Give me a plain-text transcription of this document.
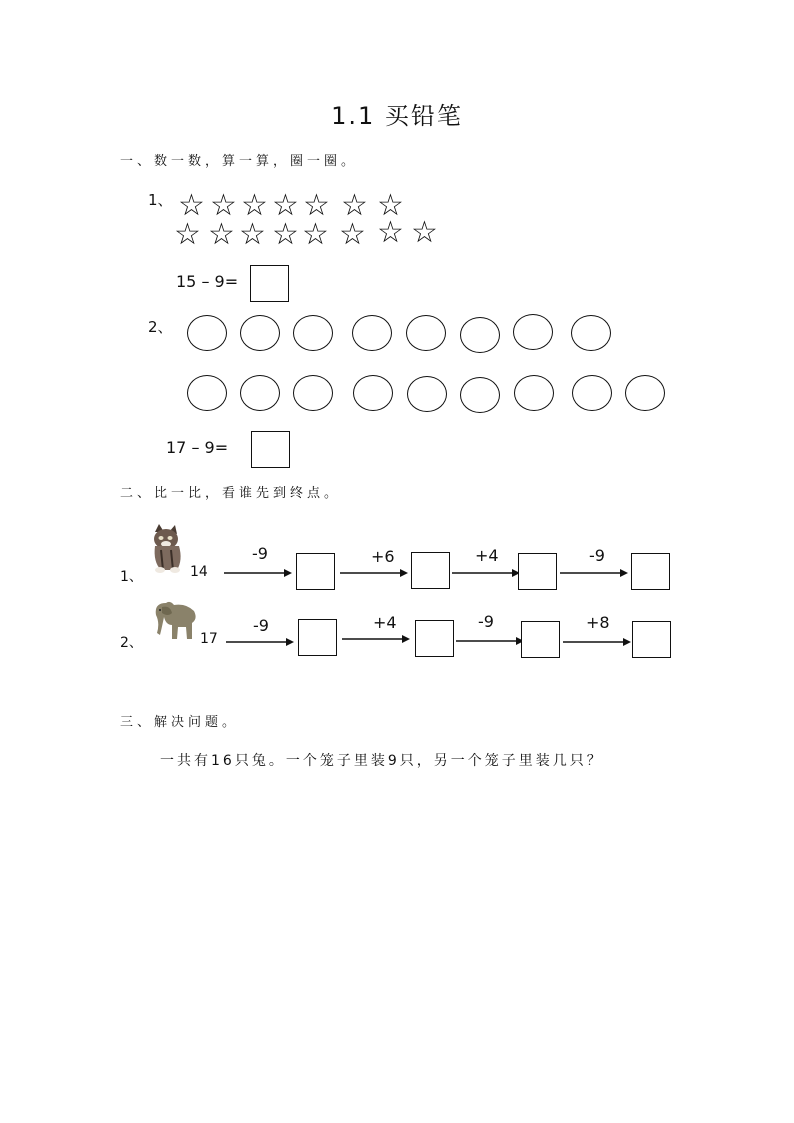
1.1 买铅笔
一、数一数，算一算，圈一圈。
1、 ☆ ☆ ☆ ☆ ☆ ☆ ☆
☆ ☆ ☆ ☆ ☆ ☆ ☆ ☆
15 – 9=
2、
17 – 9=
二、比一比，看谁先到终点。
1、	14
-9	+6	+4	-9
2、	17
-9	+4	-9	+8
三、解决问题。
一共有16只兔。一个笼子里装9只，另一个笼子里装几只？
